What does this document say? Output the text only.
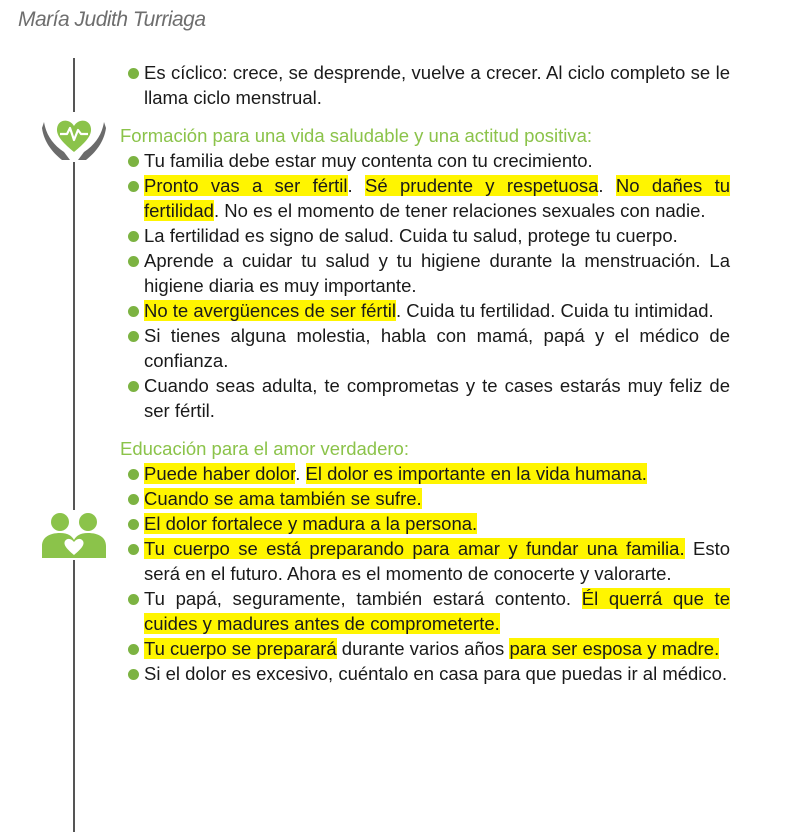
María Judith Turriaga
Es cíclico: crece, se desprende, vuelve a crecer. Al ciclo completo se le llama ciclo menstrual.
Formación para una vida saludable y una actitud positiva:
Tu familia debe estar muy contenta con tu crecimiento.
Pronto vas a ser fértil. Sé prudente y respetuosa. No dañes tu fertilidad. No es el momento de tener relaciones sexuales con nadie.
La fertilidad es signo de salud. Cuida tu salud, protege tu cuerpo.
Aprende a cuidar tu salud y tu higiene durante la menstruación. La higiene diaria es muy importante.
No te avergüences de ser fértil. Cuida tu fertilidad. Cuida tu intimidad.
Si tienes alguna molestia, habla con mamá, papá y el médico de confianza.
Cuando seas adulta, te comprometas y te cases estarás muy feliz de ser fértil.
Educación para el amor verdadero:
Puede haber dolor. El dolor es importante en la vida humana.
Cuando se ama también se sufre.
El dolor fortalece y madura a la persona.
Tu cuerpo se está preparando para amar y fundar una familia. Esto será en el futuro. Ahora es el momento de conocerte y valorarte.
Tu papá, seguramente, también estará contento. Él querrá que te cuides y madures antes de comprometerte.
Tu cuerpo se preparará durante varios años para ser esposa y madre.
Si el dolor es excesivo, cuéntalo en casa para que puedas ir al médico.
